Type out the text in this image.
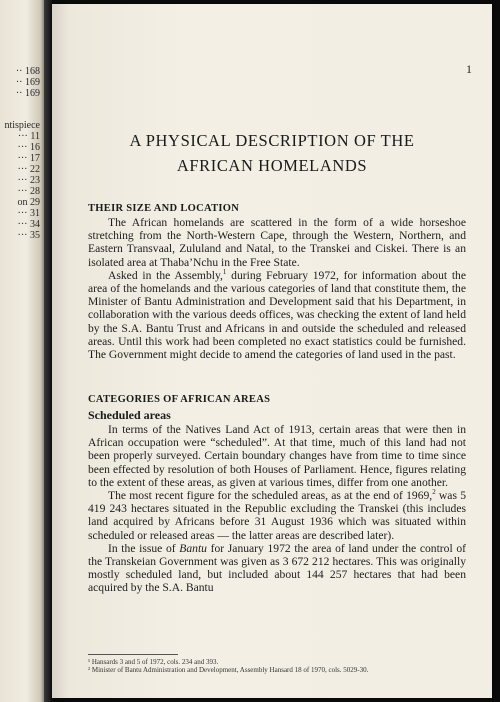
·· 168
·· 169
·· 169
ntispiece
··· 11
··· 16
··· 17
··· 22
··· 23
··· 28
on 29
··· 31
··· 34
··· 35
1
A PHYSICAL DESCRIPTION OF THE
AFRICAN HOMELANDS
THEIR SIZE AND LOCATION

The African homelands are scattered in the form of a wide horseshoe stretching from the North-Western Cape, through the Western, Northern, and Eastern Transvaal, Zululand and Natal, to the Transkei and Ciskei. There is an isolated area at Thaba’Nchu in the Free State.

Asked in the Assembly,$^1$ during February 1972, for information about the area of the homelands and the various categories of land that constitute them, the Minister of Bantu Administration and Development said that his Department, in collaboration with the various deeds offices, was checking the extent of land held by the S.A. Bantu Trust and Africans in and outside the scheduled and released areas. Until this work had been completed no exact statistics could be furnished. The Government might decide to amend the categories of land used in the past.

CATEGORIES OF AFRICAN AREAS
Scheduled areas

In terms of the Natives Land Act of 1913, certain areas that were then in African occupation were “scheduled”. At that time, much of this land had not been properly surveyed. Certain boundary changes have from time to time since been effected by resolution of both Houses of Parliament. Hence, figures relating to the extent of these areas, as given at various times, differ from one another.

The most recent figure for the scheduled areas, as at the end of 1969,$^2$ was 5 419 243 hectares situated in the Republic excluding the Transkei (this includes land acquired by Africans before 31 August 1936 which was situated within scheduled or released areas — the latter areas are described later).

In the issue of Bantu for January 1972 the area of land under the control of the Transkeian Government was given as 3 672 212 hectares. This was originally mostly scheduled land, but included about 144 257 hectares that had been acquired by the S.A. Bantu

¹ Hansards 3 and 5 of 1972, cols. 234 and 393.

² Minister of Bantu Administration and Development, Assembly Hansard 18 of 1970, cols. 5029-30.
